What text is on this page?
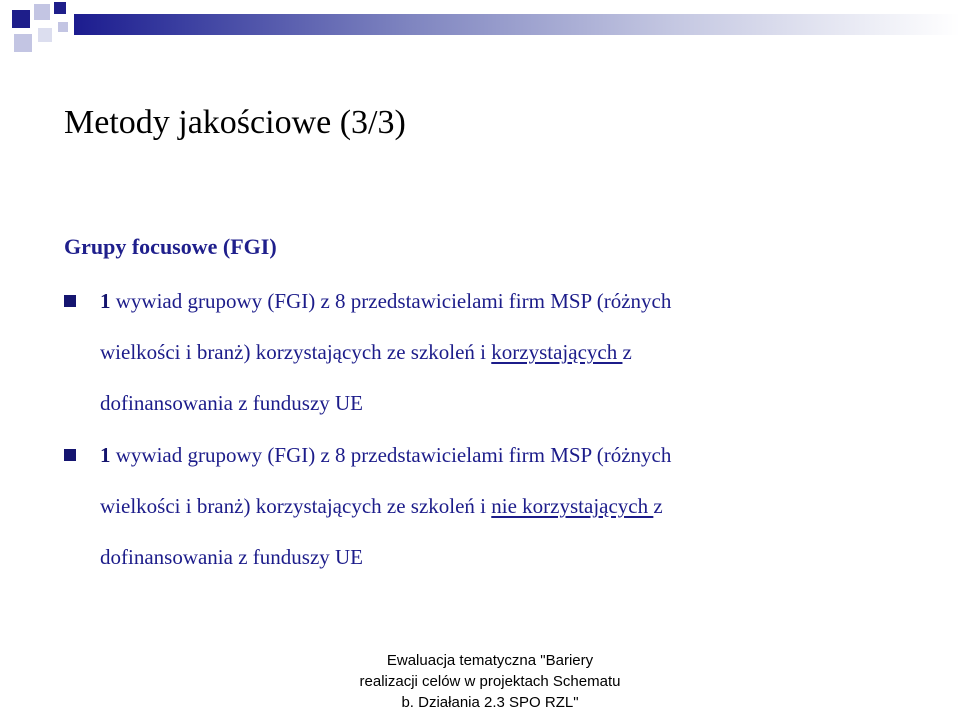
Metody jakościowe (3/3)
Grupy focusowe (FGI)
1 wywiad grupowy (FGI) z 8 przedstawicielami firm MSP (różnych
wielkości i branż) korzystających ze szkoleń i korzystających z
dofinansowania z funduszy UE
1 wywiad grupowy (FGI) z 8 przedstawicielami firm MSP (różnych
wielkości i branż) korzystających ze szkoleń i nie korzystających z
dofinansowania z funduszy UE
Ewaluacja tematyczna "Bariery
realizacji celów w projektach Schematu
b. Działania 2.3 SPO RZL"
